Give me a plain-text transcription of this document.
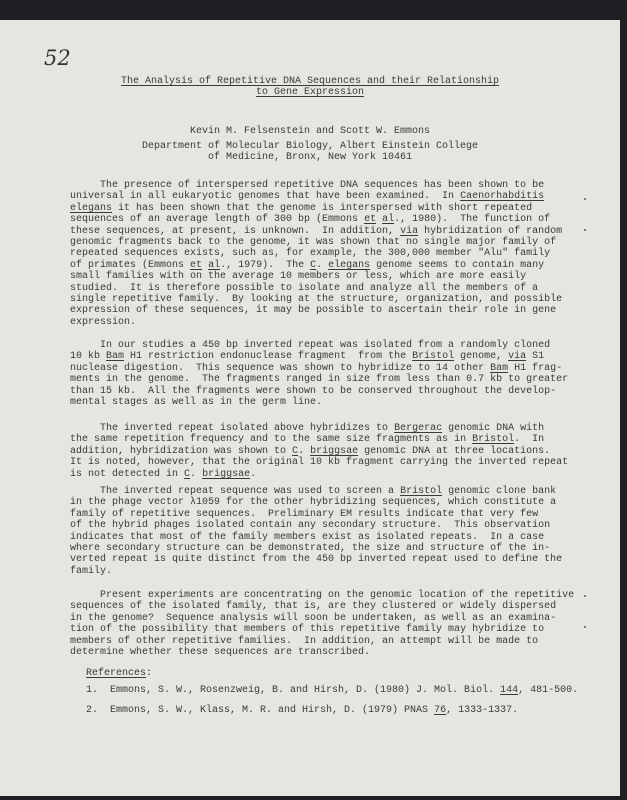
52
The Analysis of Repetitive DNA Sequences and their Relationship
to Gene Expression
Kevin M. Felsenstein and Scott W. Emmons
Department of Molecular Biology, Albert Einstein College
of Medicine, Bronx, New York 10461
The presence of interspersed repetitive DNA sequences has been shown to be
universal in all eukaryotic genomes that have been examined.  In Caenorhabditis
elegans it has been shown that the genome is interspersed with short repeated
sequences of an average length of 300 bp (Emmons et al., 1980).  The function of
these sequences, at present, is unknown.  In addition, via hybridization of random
genomic fragments back to the genome, it was shown that no single major family of
repeated sequences exists, such as, for example, the 300,000 member "Alu" family
of primates (Emmons et al., 1979).  The C. elegans genome seems to contain many
small families with on the average 10 members or less, which are more easily
studied.  It is therefore possible to isolate and analyze all the members of a
single repetitive family.  By looking at the structure, organization, and possible
expression of these sequences, it may be possible to ascertain their role in gene
expression.
In our studies a 450 bp inverted repeat was isolated from a randomly cloned
10 kb Bam H1 restriction endonuclease fragment  from the Bristol genome, via S1
nuclease digestion.  This sequence was shown to hybridize to 14 other Bam H1 frag-
ments in the genome.  The fragments ranged in size from less than 0.7 kb to greater
than 15 kb.  All the fragments were shown to be conserved throughout the develop-
mental stages as well as in the germ line.
The inverted repeat isolated above hybridizes to Bergerac genomic DNA with
the same repetition frequency and to the same size fragments as in Bristol.  In
addition, hybridization was shown to C. briggsae genomic DNA at three locations.
It is noted, however, that the original 10 kb fragment carrying the inverted repeat
is not detected in C. briggsae.
The inverted repeat sequence was used to screen a Bristol genomic clone bank
in the phage vector λ1059 for the other hybridizing sequences, which constitute a
family of repetitive sequences.  Preliminary EM results indicate that very few
of the hybrid phages isolated contain any secondary structure.  This observation
indicates that most of the family members exist as isolated repeats.  In a case
where secondary structure can be demonstrated, the size and structure of the in-
verted repeat is quite distinct from the 450 bp inverted repeat used to define the
family.
Present experiments are concentrating on the genomic location of the repetitive
sequences of the isolated family, that is, are they clustered or widely dispersed
in the genome?  Sequence analysis will soon be undertaken, as well as an examina-
tion of the possibility that members of this repetitive family may hybridize to
members of other repetitive families.  In addition, an attempt will be made to
determine whether these sequences are transcribed.
References:
1.  Emmons, S. W., Rosenzweig, B. and Hirsh, D. (1980) J. Mol. Biol. 144, 481-500.
2.  Emmons, S. W., Klass, M. R. and Hirsh, D. (1979) PNAS 76, 1333-1337.
